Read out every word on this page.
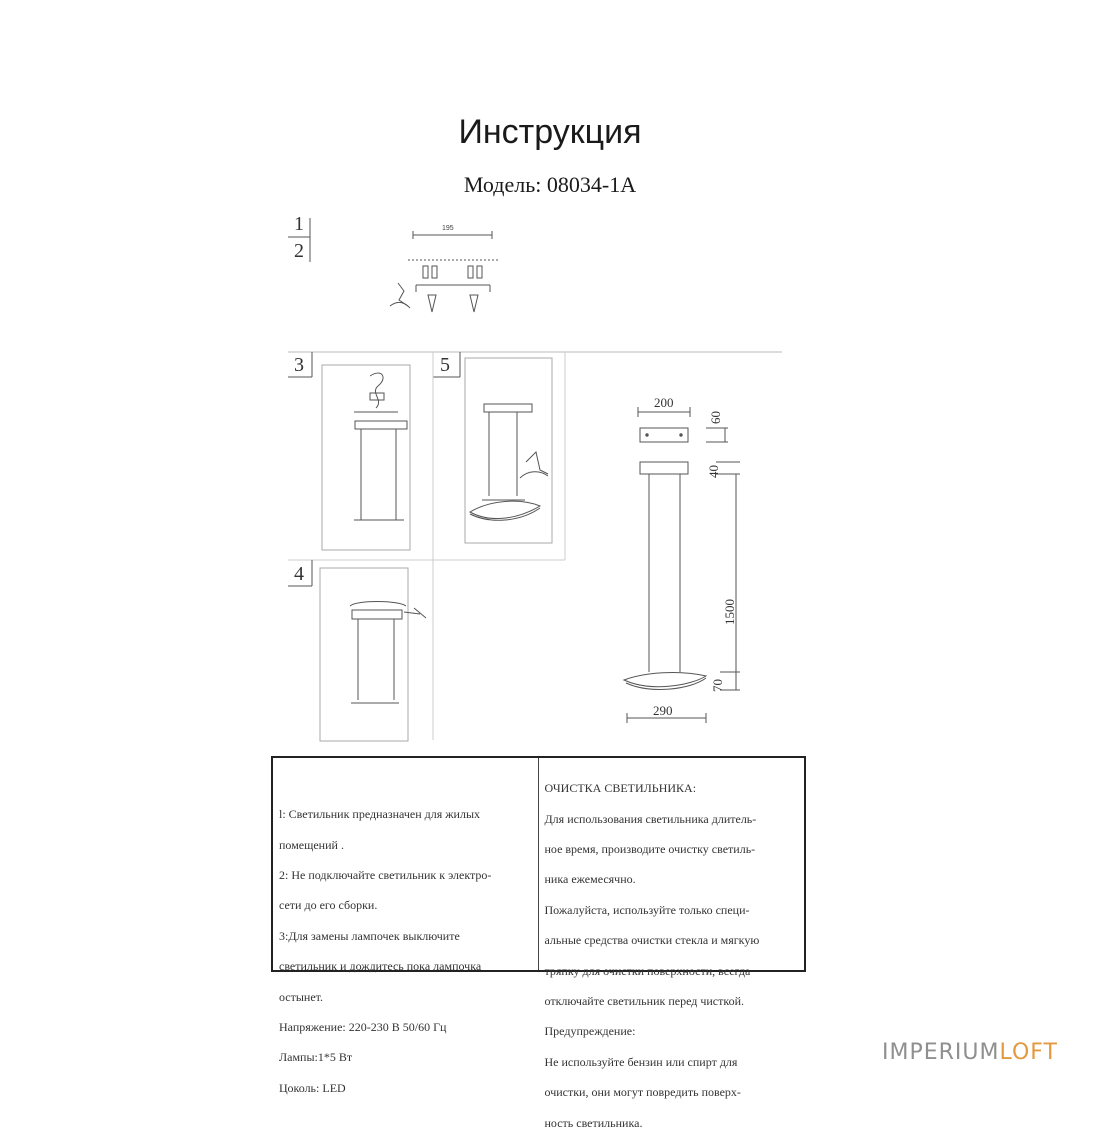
Инструкция
Модель: 08034-1А
1
2
3	5
4
195
200
60
40
1500
70
290

l: Светильник предназначен для жилых

помещений .

2: Не подключайте светильник к электро-

сети до его сборки.

3:Для замены лампочек выключите

светильник и дождитесь пока лампочка

остынет.

Напряжение: 220-230 В 50/60 Гц

Лампы:1*5 Вт

Цоколь: LED

ОЧИСТКА СВЕТИЛЬНИКА:

Для использования светильника длитель-

ное время, производите очистку светиль-

ника ежемесячно.

Пожалуйста, используйте только специ-

альные средства очистки стекла и мягкую

тряпку для очистки поверхности, всегда

отключайте светильник перед чисткой.

Предупреждение:

Не используйте бензин или спирт для

очистки, они могут повредить поверх-

ность светильника.

IMPERIUMLOFT
